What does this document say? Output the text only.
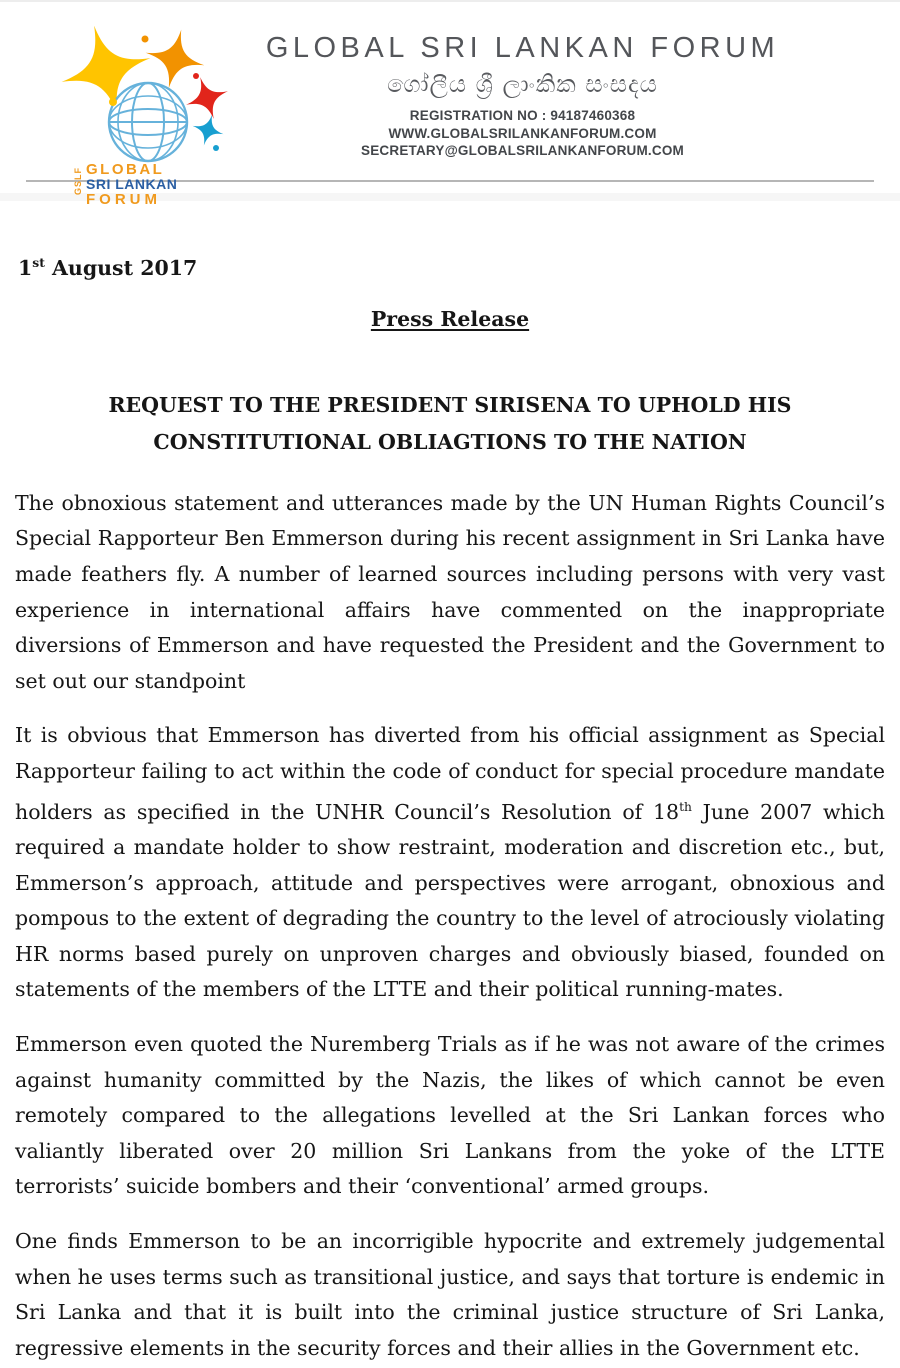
GSLF GLOBAL
SRI LANKAN
FORUM
GLOBAL SRI LANKAN FORUM
ගෝලීය ශ්‍රී ලාංකික සංසදය
REGISTRATION NO : 94187460368
WWW.GLOBALSRILANKANFORUM.COM
SECRETARY@GLOBALSRILANKANFORUM.COM
1st August 2017
Press Release
REQUEST TO THE PRESIDENT SIRISENA TO UPHOLD HIS CONSTITUTIONAL OBLIAGTIONS TO THE NATION

The obnoxious statement and utterances made by the UN Human Rights Council’s Special Rapporteur Ben Emmerson during his recent assignment in Sri Lanka have made feathers fly. A number of learned sources including persons with very vast experience in international affairs have commented on the inappropriate diversions of Emmerson and have requested the President and the Government to set out our standpoint

It is obvious that Emmerson has diverted from his official assignment as Special Rapporteur failing to act within the code of conduct for special procedure mandate holders as specified in the UNHR Council’s Resolution of 18th June 2007 which required a mandate holder to show restraint, moderation and discretion etc., but, Emmerson’s approach, attitude and perspectives were arrogant, obnoxious and pompous to the extent of degrading the country to the level of atrociously violating HR norms based purely on unproven charges and obviously biased, founded on statements of the members of the LTTE and their political running-mates.

Emmerson even quoted the Nuremberg Trials as if he was not aware of the crimes against humanity committed by the Nazis, the likes of which cannot be even remotely compared to the allegations levelled at the Sri Lankan forces who valiantly liberated over 20 million Sri Lankans from the yoke of the LTTE terrorists’ suicide bombers and their ‘conventional’ armed groups.

One finds Emmerson to be an incorrigible hypocrite and extremely judgemental when he uses terms such as transitional justice, and says that torture is endemic in Sri Lanka and that it is built into the criminal justice structure of Sri Lanka, regressive elements in the security forces and their allies in the Government etc.
